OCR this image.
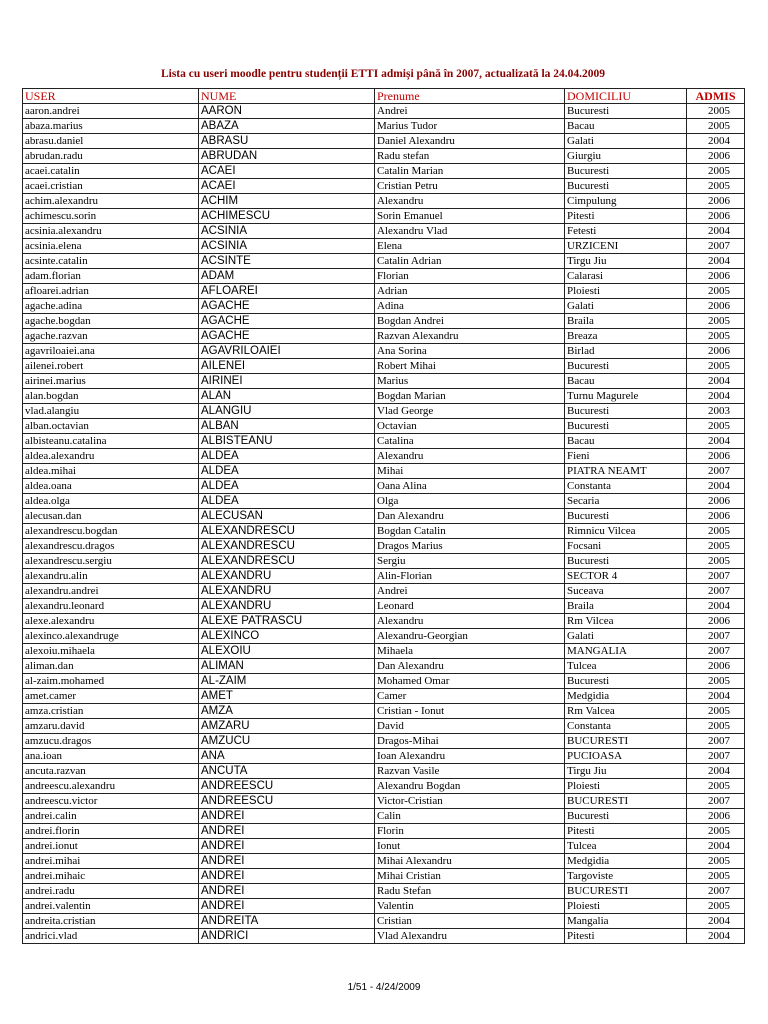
Lista cu useri moodle pentru studenții ETTI admiși până în 2007, actualizată la 24.04.2009
USER	NUME	Prenume	DOMICILIU	ADMIS
aaron.andrei	AARON	Andrei	Bucuresti	2005
abaza.marius	ABAZA	Marius Tudor	Bacau	2005
abrasu.daniel	ABRASU	Daniel Alexandru	Galati	2004
abrudan.radu	ABRUDAN	Radu stefan	Giurgiu	2006
acaei.catalin	ACAEI	Catalin Marian	Bucuresti	2005
acaei.cristian	ACAEI	Cristian Petru	Bucuresti	2005
achim.alexandru	ACHIM	Alexandru	Cimpulung	2006
achimescu.sorin	ACHIMESCU	Sorin Emanuel	Pitesti	2006
acsinia.alexandru	ACSINIA	Alexandru Vlad	Fetesti	2004
acsinia.elena	ACSINIA	Elena	URZICENI	2007
acsinte.catalin	ACSINTE	Catalin Adrian	Tirgu Jiu	2004
adam.florian	ADAM	Florian	Calarasi	2006
afloarei.adrian	AFLOAREI	Adrian	Ploiesti	2005
agache.adina	AGACHE	Adina	Galati	2006
agache.bogdan	AGACHE	Bogdan Andrei	Braila	2005
agache.razvan	AGACHE	Razvan Alexandru	Breaza	2005
agavriloaiei.ana	AGAVRILOAIEI	Ana Sorina	Birlad	2006
ailenei.robert	AILENEI	Robert Mihai	Bucuresti	2005
airinei.marius	AIRINEI	Marius	Bacau	2004
alan.bogdan	ALAN	Bogdan Marian	Turnu Magurele	2004
vlad.alangiu	ALANGIU	Vlad George	Bucuresti	2003
alban.octavian	ALBAN	Octavian	Bucuresti	2005
albisteanu.catalina	ALBISTEANU	Catalina	Bacau	2004
aldea.alexandru	ALDEA	Alexandru	Fieni	2006
aldea.mihai	ALDEA	Mihai	PIATRA NEAMT	2007
aldea.oana	ALDEA	Oana Alina	Constanta	2004
aldea.olga	ALDEA	Olga	Secaria	2006
alecusan.dan	ALECUSAN	Dan Alexandru	Bucuresti	2006
alexandrescu.bogdan	ALEXANDRESCU	Bogdan Catalin	Rimnicu Vilcea	2005
alexandrescu.dragos	ALEXANDRESCU	Dragos Marius	Focsani	2005
alexandrescu.sergiu	ALEXANDRESCU	Sergiu	Bucuresti	2005
alexandru.alin	ALEXANDRU	Alin-Florian	SECTOR 4	2007
alexandru.andrei	ALEXANDRU	Andrei	Suceava	2007
alexandru.leonard	ALEXANDRU	Leonard	Braila	2004
alexe.alexandru	ALEXE PATRASCU	Alexandru	Rm Vilcea	2006
alexinco.alexandruge	ALEXINCO	Alexandru-Georgian	Galati	2007
alexoiu.mihaela	ALEXOIU	Mihaela	MANGALIA	2007
aliman.dan	ALIMAN	Dan Alexandru	Tulcea	2006
al-zaim.mohamed	AL-ZAIM	Mohamed Omar	Bucuresti	2005
amet.camer	AMET	Camer	Medgidia	2004
amza.cristian	AMZA	Cristian - Ionut	Rm Valcea	2005
amzaru.david	AMZARU	David	Constanta	2005
amzucu.dragos	AMZUCU	Dragos-Mihai	BUCURESTI	2007
ana.ioan	ANA	Ioan Alexandru	PUCIOASA	2007
ancuta.razvan	ANCUTA	Razvan Vasile	Tirgu Jiu	2004
andreescu.alexandru	ANDREESCU	Alexandru Bogdan	Ploiesti	2005
andreescu.victor	ANDREESCU	Victor-Cristian	BUCURESTI	2007
andrei.calin	ANDREI	Calin	Bucuresti	2006
andrei.florin	ANDREI	Florin	Pitesti	2005
andrei.ionut	ANDREI	Ionut	Tulcea	2004
andrei.mihai	ANDREI	Mihai Alexandru	Medgidia	2005
andrei.mihaic	ANDREI	Mihai Cristian	Targoviste	2005
andrei.radu	ANDREI	Radu Stefan	BUCURESTI	2007
andrei.valentin	ANDREI	Valentin	Ploiesti	2005
andreita.cristian	ANDREITA	Cristian	Mangalia	2004
andrici.vlad	ANDRICI	Vlad Alexandru	Pitesti	2004
1/51 - 4/24/2009
